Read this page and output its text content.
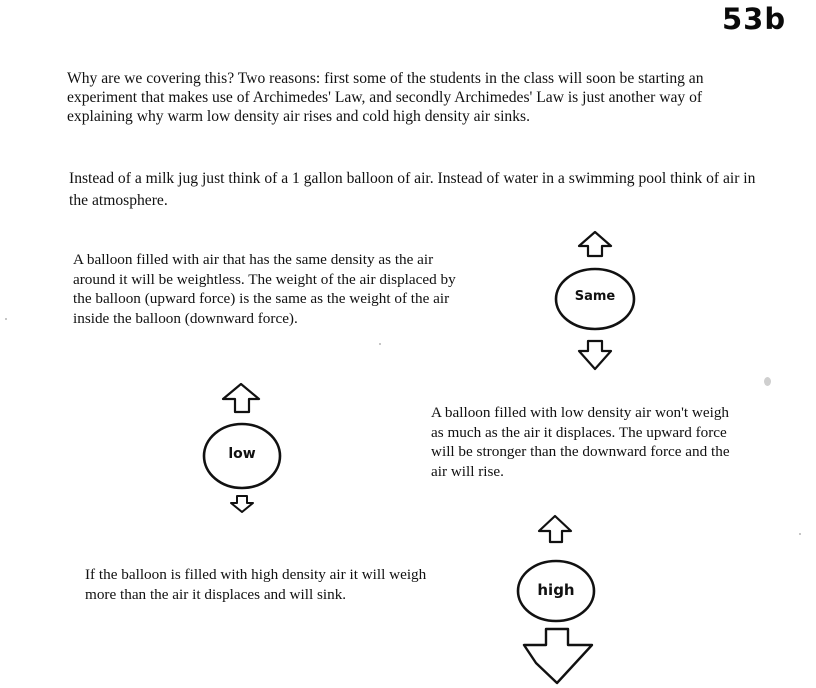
53b

Why are we covering this? Two reasons: first some of the students in the class will soon be starting an experiment that makes use of Archimedes' Law, and secondly Archimedes' Law is just another way of explaining why warm low density air rises and cold high density air sinks.

Instead of a milk jug just think of a 1 gallon balloon of air. Instead of water in a swimming pool think of air in the atmosphere.

A balloon filled with air that has the same density as the air around it will be weightless. The weight of the air displaced by the balloon (upward force) is the same as the weight of the air inside the balloon (downward force).

A balloon filled with low density air won't weigh as much as the air it displaces. The upward force will be stronger than the downward force and the air will rise.

If the balloon is filled with high density air it will weigh more than the air it displaces and will sink.

Same
low
high
